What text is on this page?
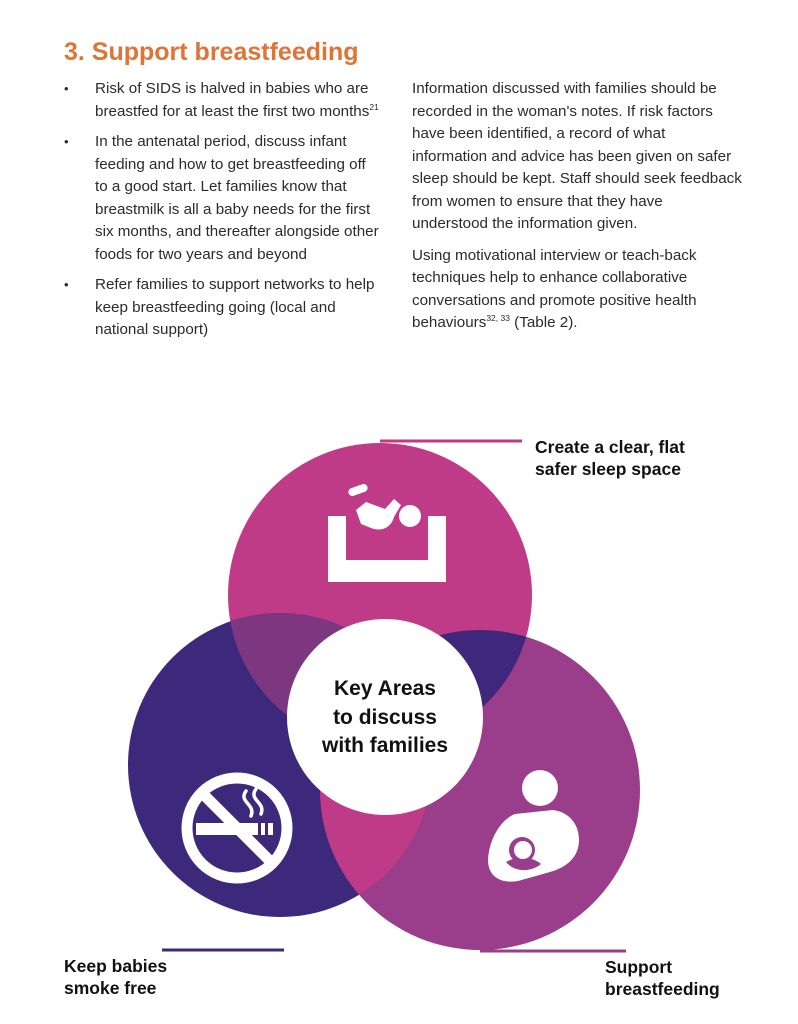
3. Support breastfeeding
• Risk of SIDS is halved in babies who are breastfed for at least the first two months$^{21}$
• In the antenatal period, discuss infant feeding and how to get breastfeeding off to a good start. Let families know that breastmilk is all a baby needs for the first six months, and thereafter alongside other foods for two years and beyond
• Refer families to support networks to help keep breastfeeding going (local and national support)

Information discussed with families should be recorded in the woman's notes. If risk factors have been identified, a record of what information and advice has been given on safer sleep should be kept. Staff should seek feedback from women to ensure that they have understood the information given.

Using motivational interview or teach-back techniques help to enhance collaborative conversations and promote positive health behaviours$^{32, 33}$ (Table 2).

Key Areas
to discuss
with families
Create a clear, flat
safer sleep space
Keep babies
smoke free
Support
breastfeeding
